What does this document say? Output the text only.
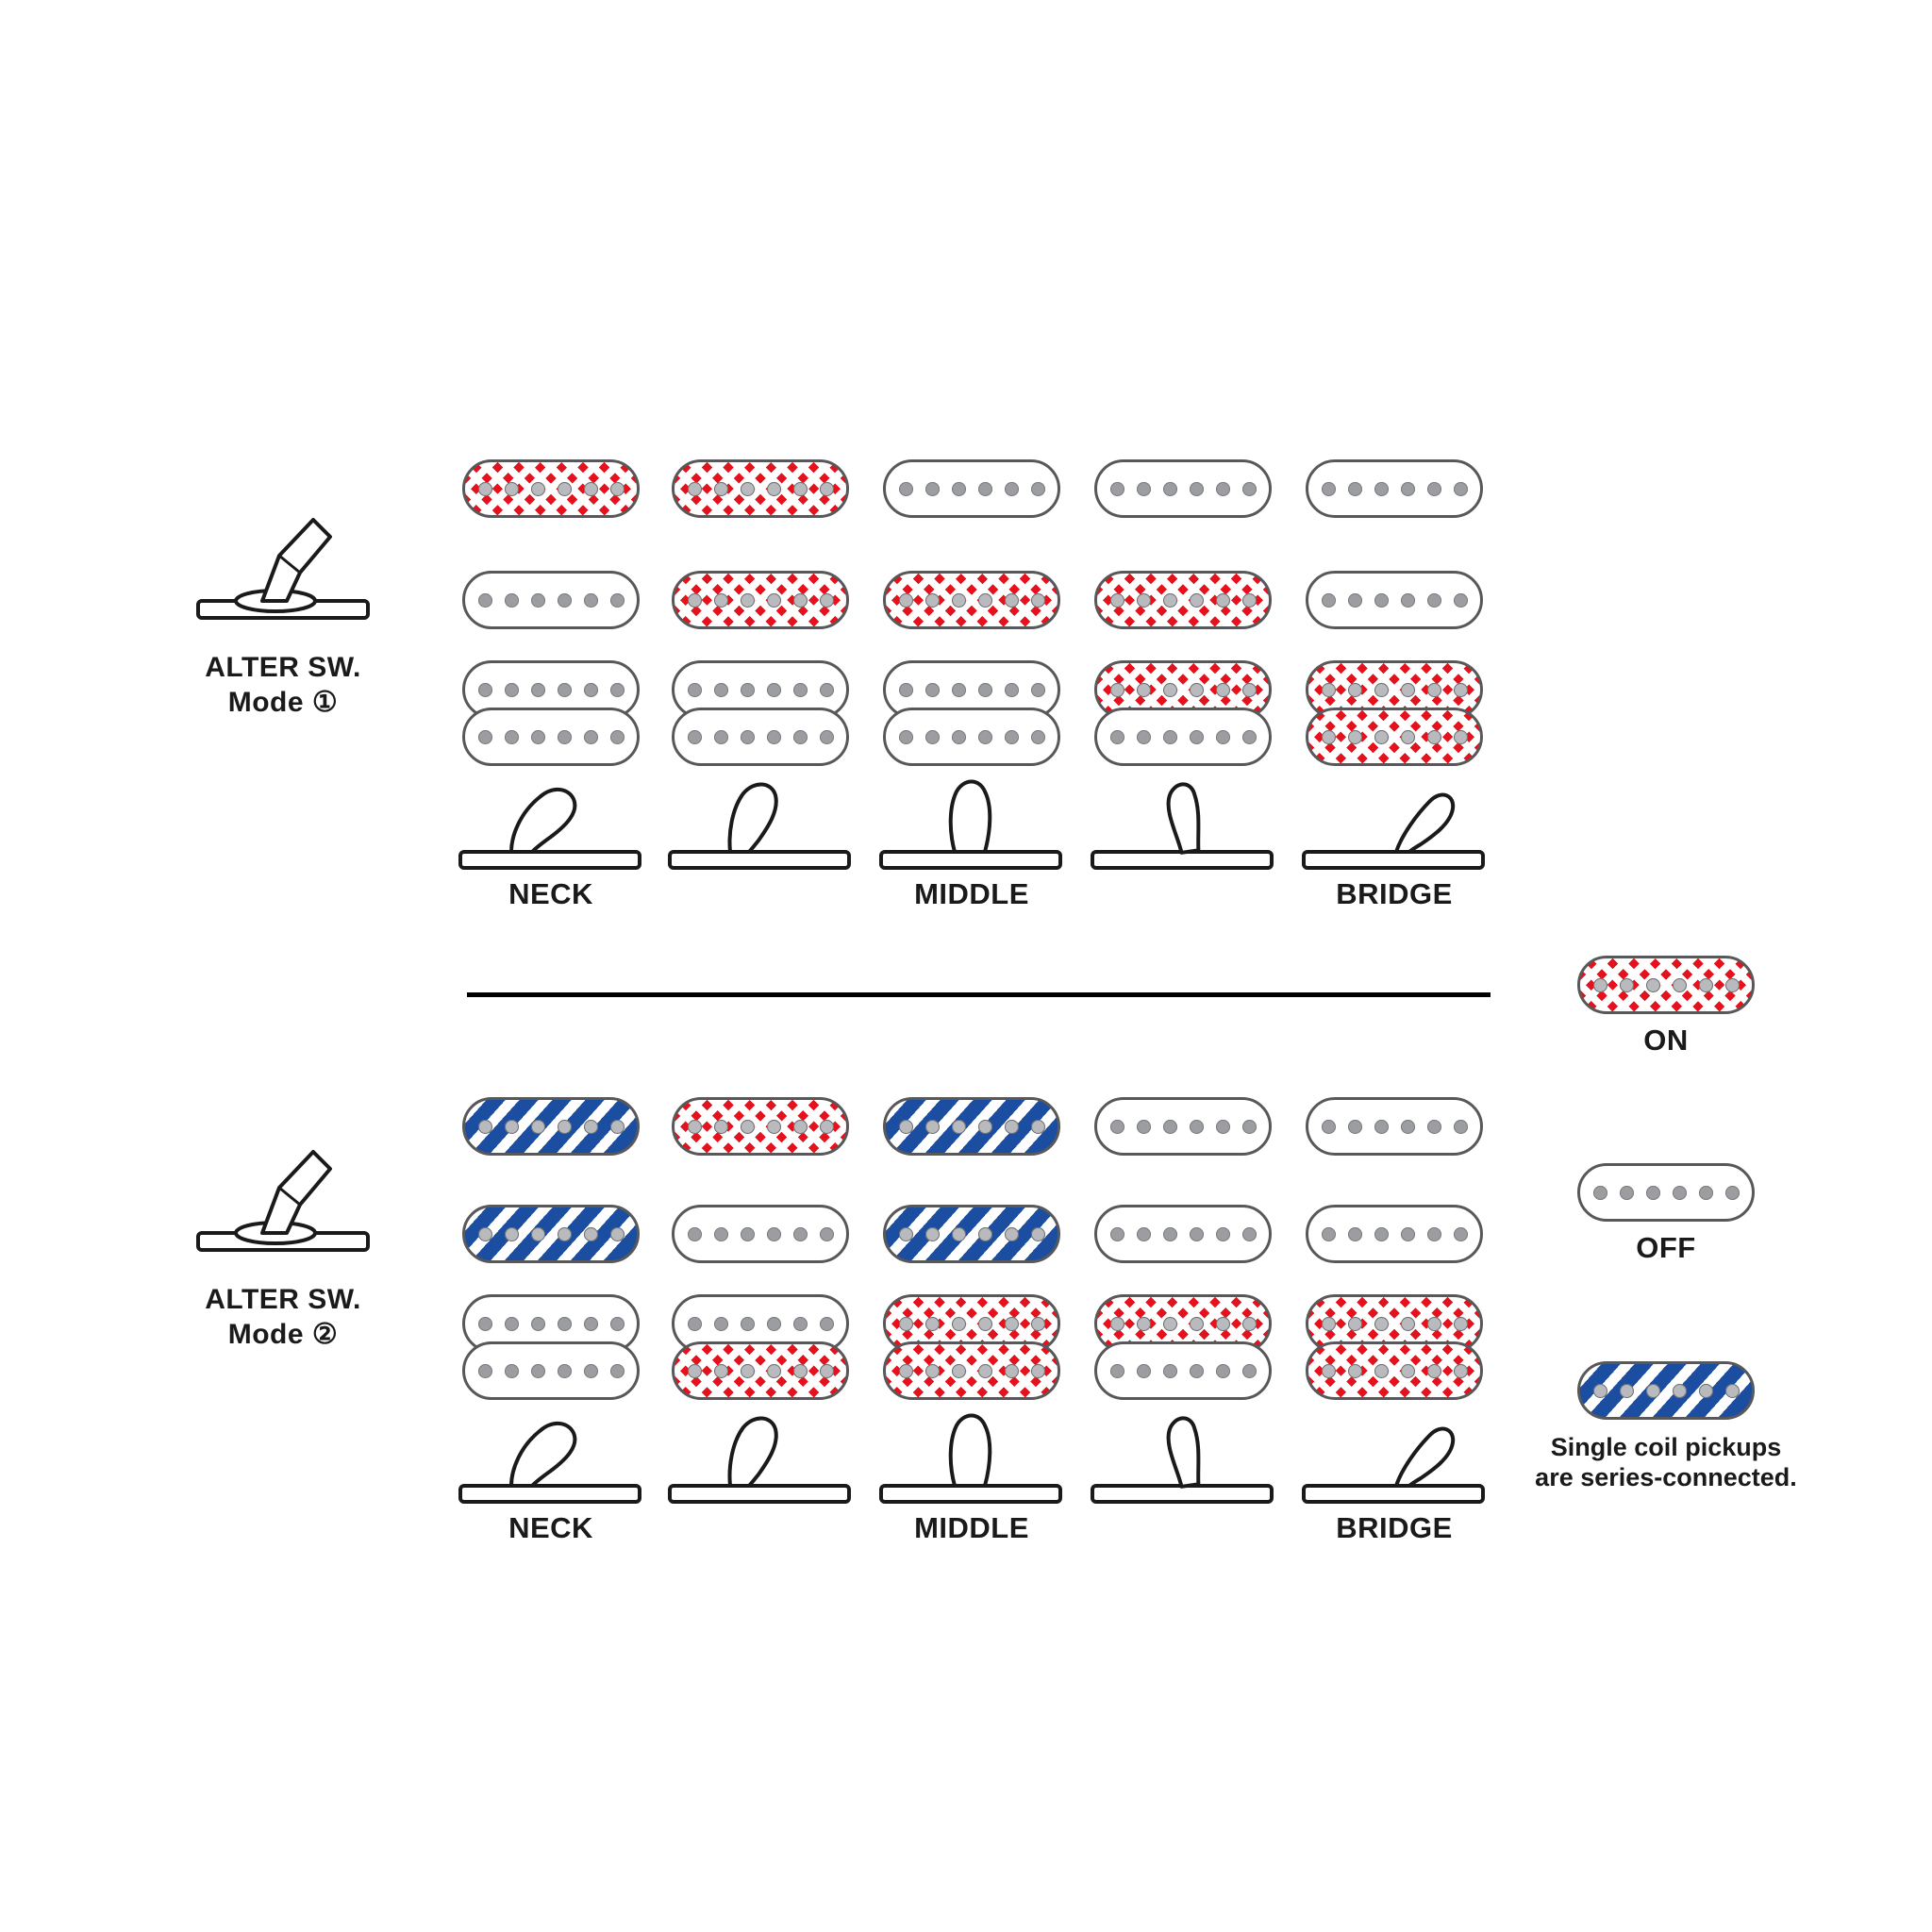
ALTER SW.
Mode ①
NECK	MIDDLE	BRIDGE
ALTER SW.
Mode ②
NECK	MIDDLE	BRIDGE
ON
OFF
Single coil pickups
are series-connected.
